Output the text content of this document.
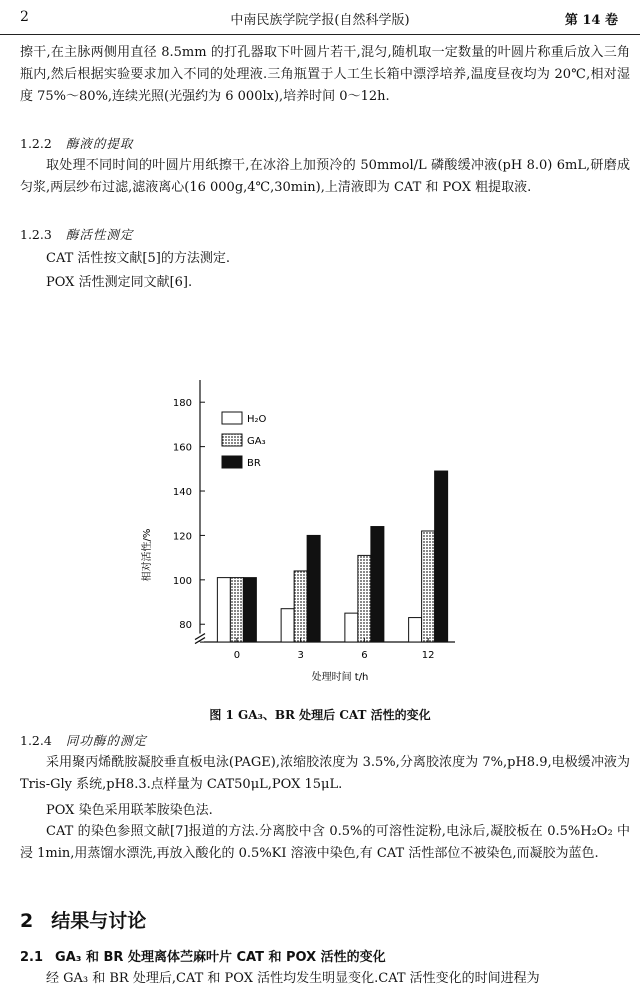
2	中南民族学院学报(自然科学版)	第 14 卷

擦干,在主脉两侧用直径 8.5mm 的打孔器取下叶圆片若干,混匀,随机取一定数量的叶圆片称重后放入三角瓶内,然后根据实验要求加入不同的处理液.三角瓶置于人工生长箱中漂浮培养,温度昼夜均为 20℃,相对湿度 75%～80%,连续光照(光强约为 6 000lx),培养时间 0～12h.

1.2.2 酶液的提取

取处理不同时间的叶圆片用纸擦干,在冰浴上加预冷的 50mmol/L 磷酸缓冲液(pH 8.0) 6mL,研磨成匀浆,两层纱布过滤,滤液离心(16 000g,4℃,30min),上清液即为 CAT 和 POX 粗提取液.

1.2.3 酶活性测定
CAT 活性按文献[5]的方法测定.
POX 活性测定同文献[6].
80
100
120
140
160
180
0	3	6	12
H₂O
GA₃
BR
相对活性/%
处理时间 t/h
图 1 GA₃、BR 处理后 CAT 活性的变化
1.2.4 同功酶的测定

采用聚丙烯酰胺凝胶垂直板电泳(PAGE),浓缩胶浓度为 3.5%,分离胶浓度为 7%,pH8.9,电极缓冲液为 Tris-Gly 系统,pH8.3.点样量为 CAT50μL,POX 15μL.

POX 染色采用联苯胺染色法.

CAT 的染色参照文献[7]报道的方法.分离胶中含 0.5%的可溶性淀粉,电泳后,凝胶板在 0.5%H₂O₂ 中浸 1min,用蒸馏水漂洗,再放入酸化的 0.5%KI 溶液中染色,有 CAT 活性部位不被染色,而凝胶为蓝色.

2 结果与讨论
2.1 GA₃ 和 BR 处理离体苎麻叶片 CAT 和 POX 活性的变化

经 GA₃ 和 BR 处理后,CAT 和 POX 活性均发生明显变化.CAT 活性变化的时间进程为
